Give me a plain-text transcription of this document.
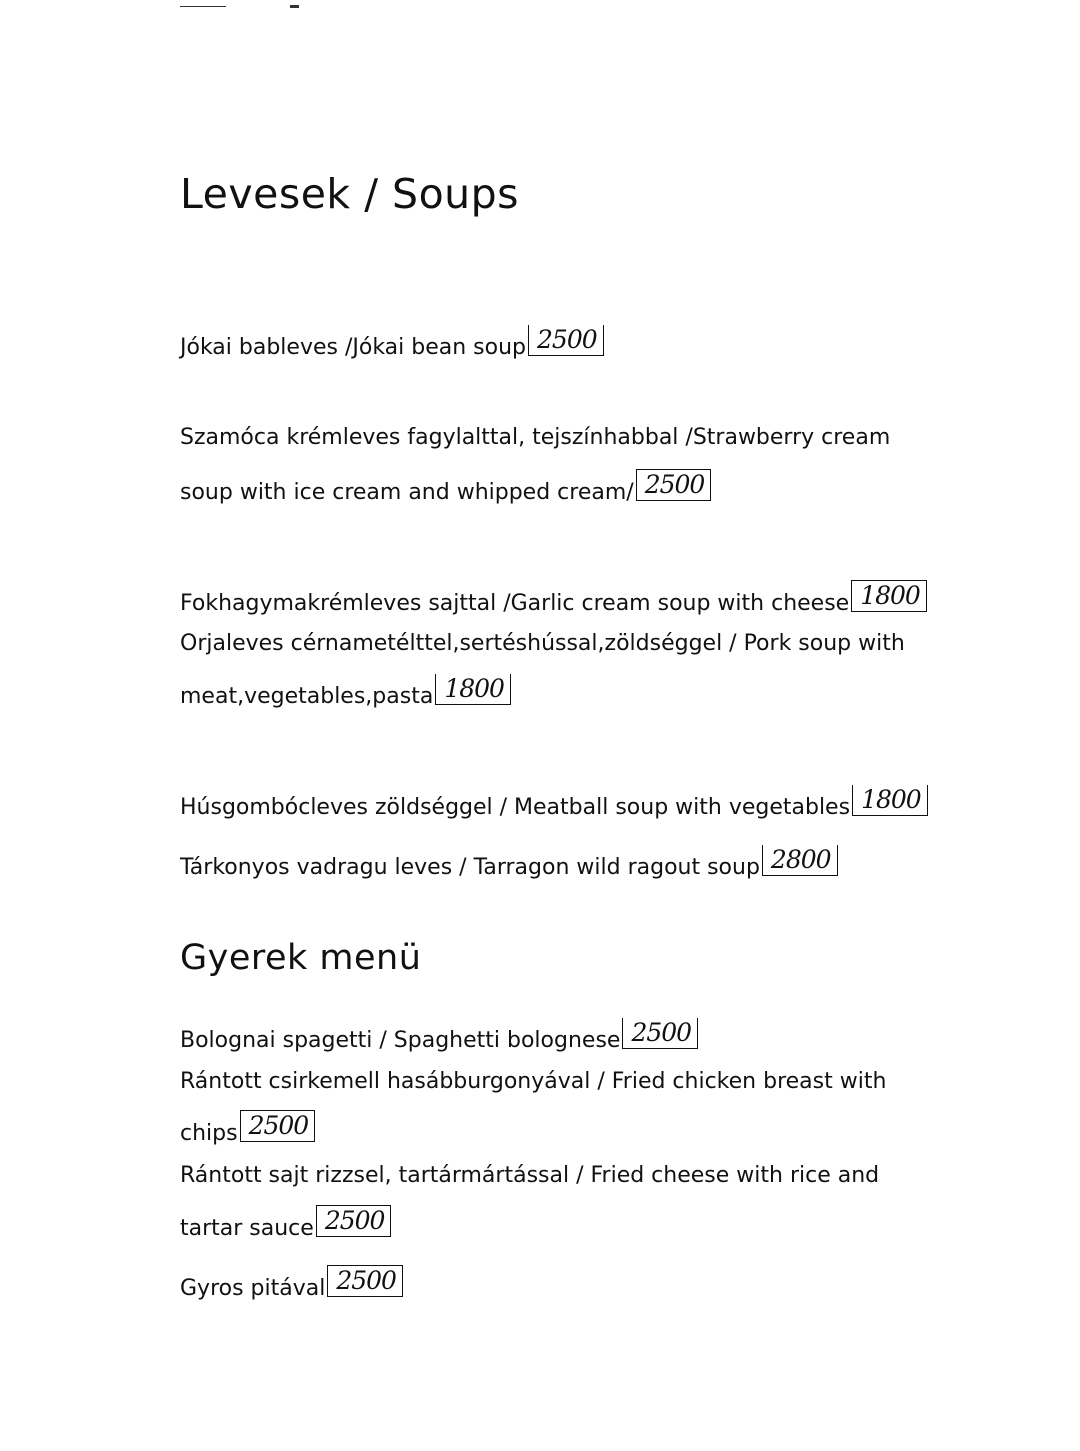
Levesek / Soups

Jókai bableves /Jókai bean soup 2500

Szamóca krémleves fagylalttal, tejszínhabbal /Strawberry cream

soup with ice cream and whipped cream/ 2500

Fokhagymakrémleves sajttal /Garlic cream soup with cheese 1800

Orjaleves cérnametélttel,sertéshússal,zöldséggel / Pork soup with

meat,vegetables,pasta 1800

Húsgombócleves zöldséggel / Meatball soup with vegetables 1800

Tárkonyos vadragu leves / Tarragon wild ragout soup 2800

Gyerek menü

Bolognai spagetti / Spaghetti bolognese 2500

Rántott csirkemell hasábburgonyával / Fried chicken breast with

chips 2500

Rántott sajt rizzsel, tartármártással / Fried cheese with rice and

tartar sauce 2500

Gyros pitával 2500
